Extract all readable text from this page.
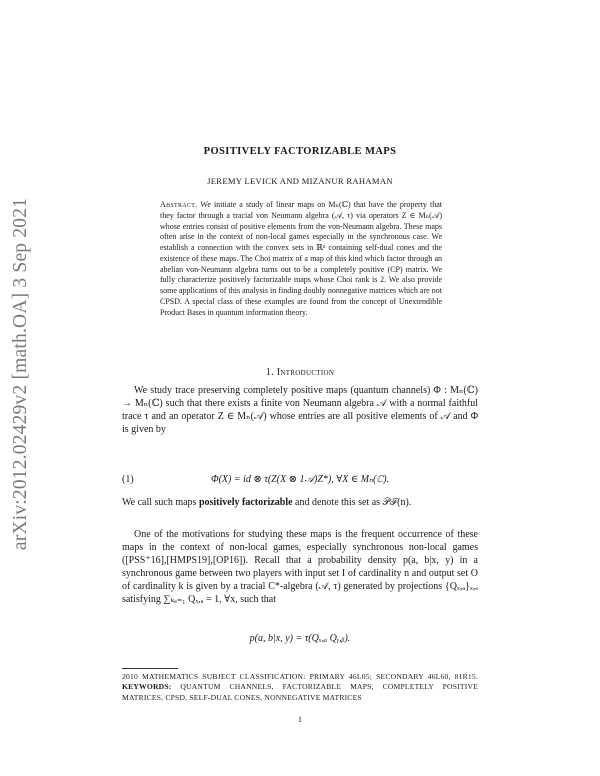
arXiv:2012.02429v2 [math.OA] 3 Sep 2021
POSITIVELY FACTORIZABLE MAPS
JEREMY LEVICK AND MIZANUR RAHAMAN
Abstract. We initiate a study of linear maps on Mₙ(ℂ) that have the property that they factor through a tracial von Neumann algebra (𝒜, τ) via operators Z ∈ Mₙ(𝒜) whose entries consist of positive elements from the von-Neumann algebra. These maps often arise in the context of non-local games especially in the synchronous case. We establish a connection with the convex sets in ℝⁿ containing self-dual cones and the existence of these maps. The Choi matrix of a map of this kind which factor through an abelian von-Neumann algebra turns out to be a completely positive (CP) matrix. We fully characterize positively factorizable maps whose Choi rank is 2. We also provide some applications of this analysis in finding doubly nonnegative matrices which are not CPSD. A special class of these examples are found from the concept of Unextendible Product Bases in quantum information theory.
1. Introduction
We study trace preserving completely positive maps (quantum channels) Φ : Mₙ(ℂ) → Mₙ(ℂ) such that there exists a finite von Neumann algebra 𝒜 with a normal faithful trace τ and an operator Z ∈ Mₙ(𝒜) whose entries are all positive elements of 𝒜 and Φ is given by
(1)	Φ(X) = id ⊗ τ(Z(X ⊗ 1𝒜)Z*), ∀X ∈ Mₙ(ℂ).
We call such maps positively factorizable and denote this set as 𝒫ℱ(n).
One of the motivations for studying these maps is the frequent occurrence of these maps in the context of non-local games, especially synchronous non-local games ([PSS⁺16],[HMPS19],[OP16]). Recall that a probability density p(a, b|x, y) in a synchronous game between two players with input set I of cardinality n and output set O of cardinality k is given by a tracial C*-algebra (𝒜, τ) generated by projections {Qₓ,ₐ}ₓ,ₐ satisfying ∑ₖₐ₌₁ Qₓ,ₐ = 1, ∀x, such that
p(a, b|x, y) = τ(Qₓ,ₐ Qᵧ,ᵦ).
2010 MATHEMATICS SUBJECT CLASSIFICATION: PRIMARY 46L05; SECONDARY 46L60, 81R15. KEYWORDS: QUANTUM CHANNELS, FACTORIZABLE MAPS, COMPLETELY POSITIVE MATRICES, CPSD, SELF-DUAL CONES, NONNEGATIVE MATRICES
1
